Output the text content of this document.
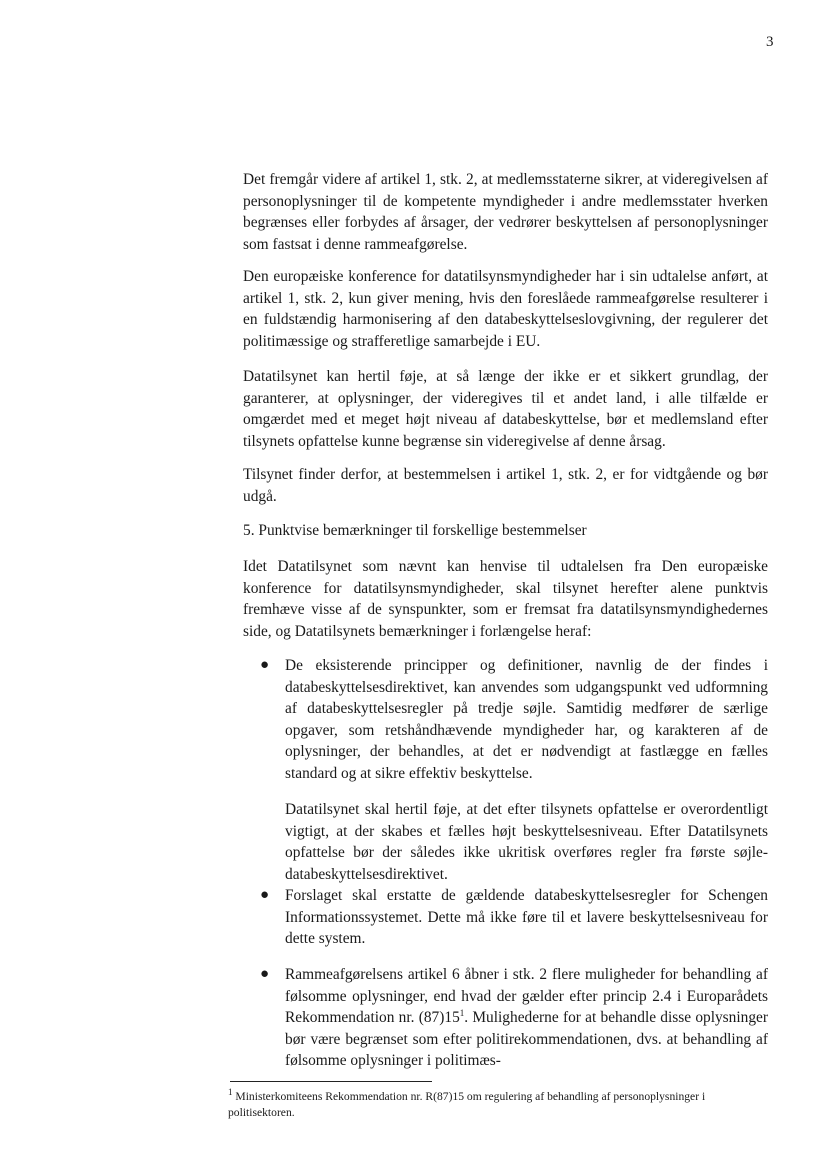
3

Det fremgår videre af artikel 1, stk. 2, at medlemsstaterne sikrer, at videregivelsen af personoplysninger til de kompetente myndigheder i andre medlemsstater hverken begrænses eller forbydes af årsager, der vedrører beskyttelsen af personoplysninger som fastsat i denne rammeafgørelse.

Den europæiske konference for datatilsynsmyndigheder har i sin udtalelse anført, at artikel 1, stk. 2, kun giver mening, hvis den foreslåede rammeafgørelse resulterer i en fuldstændig harmonisering af den databeskyttelseslovgivning, der regulerer det politimæssige og strafferetlige samarbejde i EU.

Datatilsynet kan hertil føje, at så længe der ikke er et sikkert grundlag, der garanterer, at oplysninger, der videregives til et andet land, i alle tilfælde er omgærdet med et meget højt niveau af databeskyttelse, bør et medlemsland efter tilsynets opfattelse kunne begrænse sin videregivelse af denne årsag.

Tilsynet finder derfor, at bestemmelsen i artikel 1, stk. 2, er for vidtgående og bør udgå.

5. Punktvise bemærkninger til forskellige bestemmelser

Idet Datatilsynet som nævnt kan henvise til udtalelsen fra Den europæiske konference for datatilsynsmyndigheder, skal tilsynet herefter alene punktvis fremhæve visse af de synspunkter, som er fremsat fra datatilsynsmyndighedernes side, og Datatilsynets bemærkninger i forlængelse heraf:

● De eksisterende principper og definitioner, navnlig de der findes i databeskyttelsesdirektivet, kan anvendes som udgangspunkt ved udformning af databeskyttelsesregler på tredje søjle. Samtidig medfører de særlige opgaver, som retshåndhævende myndigheder har, og karakteren af de oplysninger, der behandles, at det er nødvendigt at fastlægge en fælles standard og at sikre effektiv beskyttelse.

Datatilsynet skal hertil føje, at det efter tilsynets opfattelse er overordentligt vigtigt, at der skabes et fælles højt beskyttelsesniveau. Efter Datatilsynets opfattelse bør der således ikke ukritisk overføres regler fra første søjle-databeskyttelsesdirektivet.

● Forslaget skal erstatte de gældende databeskyttelsesregler for Schengen Informationssystemet. Dette må ikke føre til et lavere beskyttelsesniveau for dette system.

● Rammeafgørelsens artikel 6 åbner i stk. 2 flere muligheder for behandling af følsomme oplysninger, end hvad der gælder efter princip 2.4 i Europarådets Rekommendation nr. $(87)15^1$. Mulighederne for at behandle disse oplysninger bør være begrænset som efter politirekommendationen, dvs. at behandling af følsomme oplysninger i politimæs-

$^1$ Ministerkomiteens Rekommendation nr. R(87)15 om regulering af behandling af personoplysninger i politisektoren.
